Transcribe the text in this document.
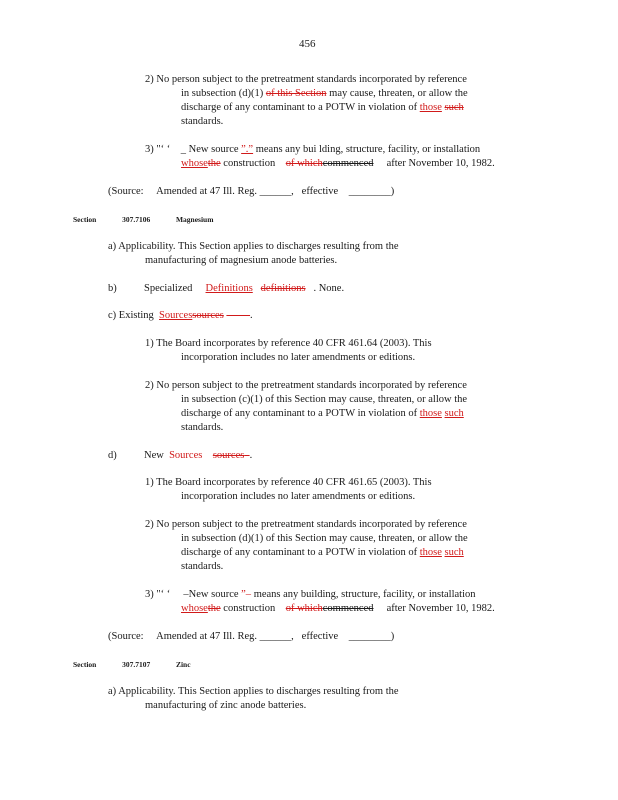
456
2) No person subject to the pretreatment standards incorporated by reference
in subsection (d)(1) of this Section may cause, threaten, or allow the
discharge of any contaminant to a POTW in violation of those such
standards.
3) "‘ ‘ _ New source ”.” means any bui lding, structure, facility, or installation
whosethe construction of whichcommenced after November 10, 1982.
(Source: Amended at 47 Ill. Reg. ______, effective ________)
Section	307.7106	Magnesium
a) Applicability. This Section applies to discharges resulting from the
manufacturing of magnesium anode batteries.
b)	Specialized Definitions definitions . None.
c) Existing Sourcessources	.
1) The Board incorporates by reference 40 CFR 461.64 (2003). This
incorporation includes no later amendments or editions.
2) No person subject to the pretreatment standards incorporated by reference
in subsection (c)(1) of this Section may cause, threaten, or allow the
discharge of any contaminant to a POTW in violation of those such
standards.
d)	New Sources sources .
1) The Board incorporates by reference 40 CFR 461.65 (2003). This
incorporation includes no later amendments or editions.
2) No person subject to the pretreatment standards incorporated by reference
in subsection (d)(1) of this Section may cause, threaten, or allow the
discharge of any contaminant to a POTW in violation of those such
standards.
3) "‘ ‘ –New source ”– means any building, structure, facility, or installation
whosethe construction of whichcommenced after November 10, 1982.
(Source: Amended at 47 Ill. Reg. ______, effective ________)
Section	307.7107	Zinc
a) Applicability. This Section applies to discharges resulting from the
manufacturing of zinc anode batteries.
